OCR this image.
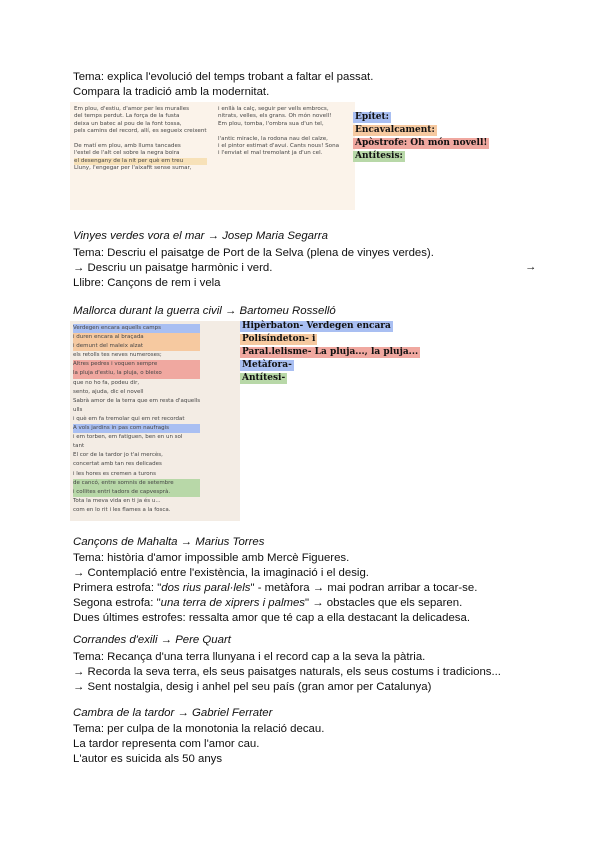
Tema: explica l'evolució del temps trobant a faltar el passat.
Compara la tradició amb la modernitat.
Em plou, d'estiu, d'amor per les muralles
del temps perdut. La força de la fusta
deixa un batec al pou de la font tossa,
pels camins del record, allí, es segueix creixent
De matí em plou, amb llums tancades
l'estel de l'alt cel sobre la negra boira
el desengany de la nit per què em treu
Lluny, l'engegar per l'aixafit sense sumar,
i enllà la calç, seguir per vells embrocs,
nitrats, velles, els grans. Oh món novell!
Em plou, tomba, l'ombra sua d'un tel,
l'antic miracle, la rodona nau del calze,
i el pintor estimat d'avui. Cants nous! Sona
i l'enviat el mal tremolant ja d'un cel.
Epítet:
Encavalcament:
Apòstrofe: Oh món novell!
Antítesis:
Vinyes verdes vora el mar → Josep Maria Segarra
Tema: Descriu el paisatge de Port de la Selva (plena de vinyes verdes).
→ Descriu un paisatge harmònic i verd.	→
Llibre: Cançons de rem i vela
Mallorca durant la guerra civil → Bartomeu Rosselló
Verdegen encara aquells camps
i duren encara al braçada
i demunt del maleix alzat
els retolls tes neves numeroses;
Altres pedres i voquen sempre
la pluja d'estiu, la pluja, o bleixo
que no ho fa, podeu dir,
sento, ajuda, dic el novell
Sabrà amor de la terra que em resta d'aquells
ulls
i què em fa tremolar qui em ret recordat
A vols jardins in pas com naufragis
i em torben, em fatiguen, ben en un sol
tant
El cor de la tardor jo t'ai mercès,
concertat amb tan res delicades
i les hores es cremen a turons
de cancó, entre somnis de setembre
i collites entri tadors de capvesprà.
Tota la meva vida en ti ja és u...
com en lo rit i les flames a la fosca.
Hipèrbaton- Verdegen encara
Polisíndeton- i
Paral.lelisme- La pluja..., la pluja...
Metàfora-
Antítesi-
Cançons de Mahalta → Marius Torres
Tema: història d'amor impossible amb Mercè Figueres.
→ Contemplació entre l'existència, la imaginació i el desig.
Primera estrofa: "dos rius paral·lels" - metàfora → mai podran arribar a tocar-se.
Segona estrofa: "una terra de xiprers i palmes" → obstacles que els separen.
Dues últimes estrofes: ressalta amor que té cap a ella destacant la delicadesa.
Corrandes d'exili → Pere Quart
Tema: Recança d'una terra llunyana i el record cap a la seva la pàtria.
→ Recorda la seva terra, els seus paisatges naturals, els seus costums i tradicions...
→ Sent nostalgia, desig i anhel pel seu país (gran amor per Catalunya)
Cambra de la tardor → Gabriel Ferrater
Tema: per culpa de la monotonia la relació decau.
La tardor representa com l'amor cau.
L'autor es suicida als 50 anys
